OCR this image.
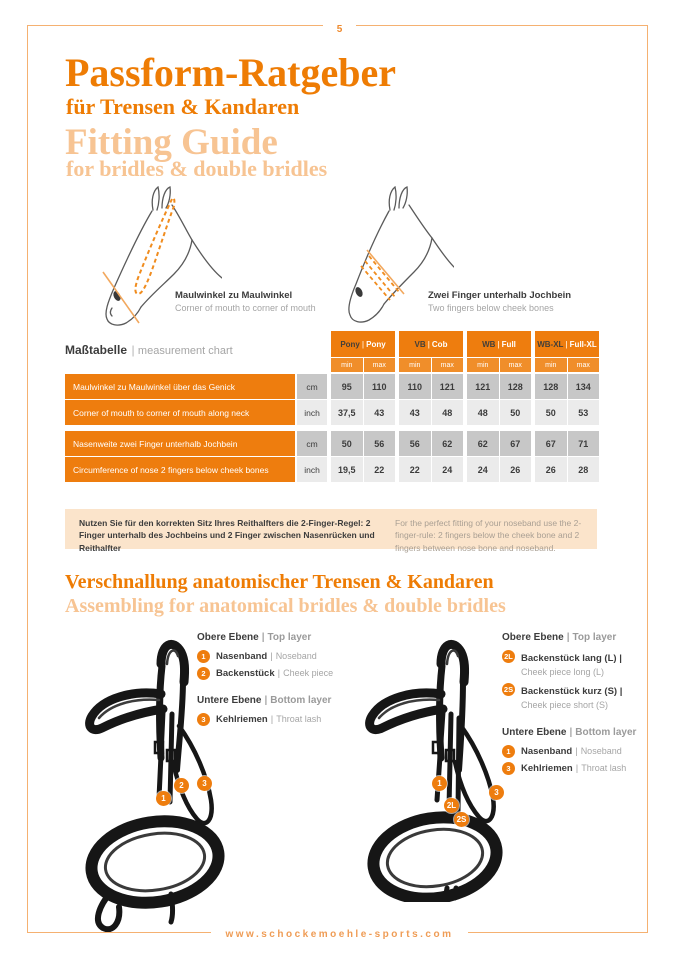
5
Passform-Ratgeber
für Trensen & Kandaren
Fitting Guide
for bridles & double bridles
Maulwinkel zu Maulwinkel
Corner of mouth to corner of mouth
Zwei Finger unterhalb Jochbein
Two fingers below cheek bones
Maßtabelle | measurement chart
Pony | Pony	VB | Cob	WB | Full	WB-XL | Full-XL
min	max	min	max	min	max	min	max
Maulwinkel zu Maulwinkel über das Genick	cm	95	110	110	121	121	128	128	134
Corner of mouth to corner of mouth along neck	inch	37,5	43	43	48	48	50	50	53
Nasenweite zwei Finger unterhalb Jochbein	cm	50	56	56	62	62	67	67	71
Circumference of nose 2 fingers below cheek bones	inch	19,5	22	22	24	24	26	26	28
Nutzen Sie für den korrekten Sitz Ihres Reithalfters die 2-Finger-Regel: 2 Finger unterhalb des Jochbeins und 2 Finger zwischen Nasenrücken und Reithalfter
For the perfect fitting of your noseband use the 2-finger-rule: 2 fingers below the cheek bone and 2 fingers between nose bone and noseband.
Verschnallung anatomischer Trensen & Kandaren
Assembling for anatomical bridles & double bridles
1
2	3	1
2L
2S
3
Obere Ebene | Top layer
1	Nasenband | Noseband
2	Backenstück | Cheek piece
Untere Ebene | Bottom layer
3	Kehlriemen | Throat lash
Obere Ebene | Top layer
2L Backenstück lang (L) |
Cheek piece long (L)
2S Backenstück kurz (S) |
Cheek piece short (S)
Untere Ebene | Bottom layer
1	Nasenband | Noseband
3	Kehlriemen | Throat lash
www.schockemoehle-sports.com
